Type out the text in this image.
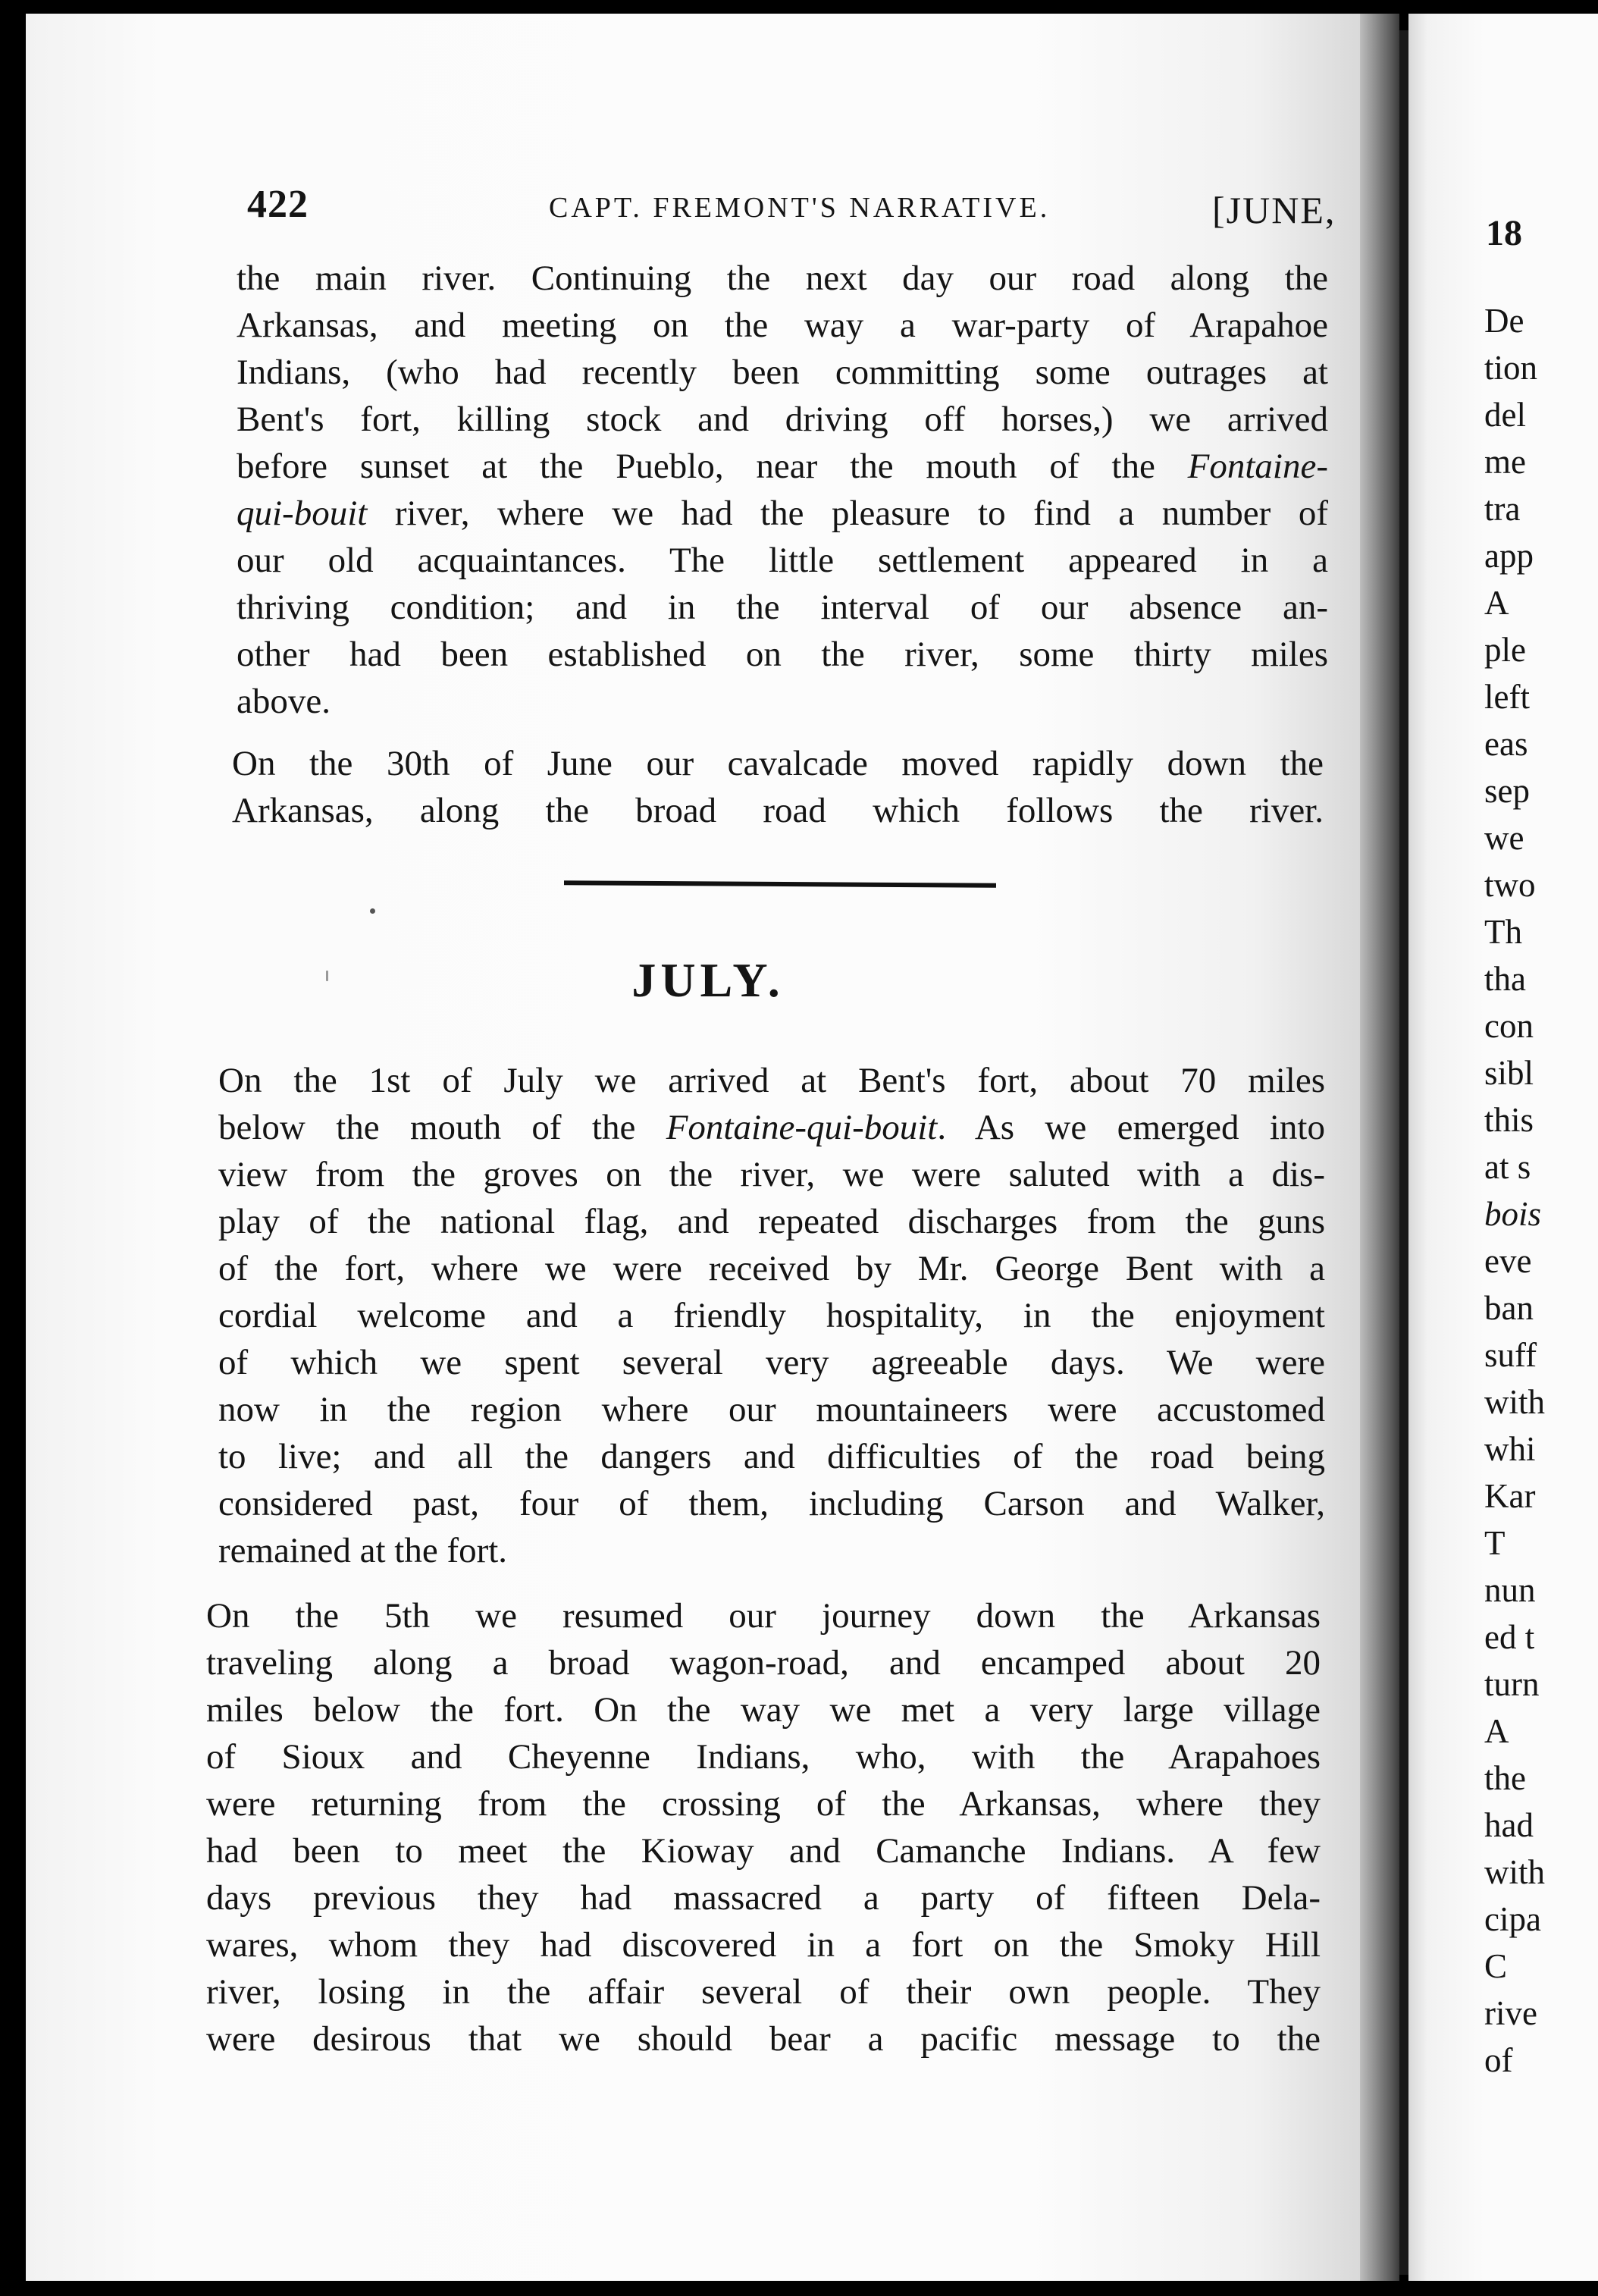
422	CAPT. FREMONT'S NARRATIVE.	[JUNE,
the main river. Continuing the next day our road along the
Arkansas, and meeting on the way a war-party of Arapahoe
Indians, (who had recently been committing some outrages at
Bent's fort, killing stock and driving off horses,) we arrived
before sunset at the Pueblo, near the mouth of the Fontaine-
qui-bouit river, where we had the pleasure to find a number of
our old acquaintances. The little settlement appeared in a
thriving condition; and in the interval of our absence an-
other had been established on the river, some thirty miles
above.
On the 30th of June our cavalcade moved rapidly down the
Arkansas, along the broad road which follows the river.
JULY.
On the 1st of July we arrived at Bent's fort, about 70 miles
below the mouth of the Fontaine-qui-bouit. As we emerged into
view from the groves on the river, we were saluted with a dis-
play of the national flag, and repeated discharges from the guns
of the fort, where we were received by Mr. George Bent with a
cordial welcome and a friendly hospitality, in the enjoyment
of which we spent several very agreeable days. We were
now in the region where our mountaineers were accustomed
to live; and all the dangers and difficulties of the road being
considered past, four of them, including Carson and Walker,
remained at the fort.
On the 5th we resumed our journey down the Arkansas
traveling along a broad wagon-road, and encamped about 20
miles below the fort. On the way we met a very large village
of Sioux and Cheyenne Indians, who, with the Arapahoes
were returning from the crossing of the Arkansas, where they
had been to meet the Kioway and Camanche Indians. A few
days previous they had massacred a party of fifteen Dela-
wares, whom they had discovered in a fort on the Smoky Hill
river, losing in the affair several of their own people. They
were desirous that we should bear a pacific message to the
18
De
tion
del
me
tra
app
A
ple
left
eas
sep
we
two
Th
tha
con
sibl
this
at s
bois
eve
ban
suff
with
whi
Kar
T
nun
ed t
turn
A
the
had
with
cipa
C
rive
of
